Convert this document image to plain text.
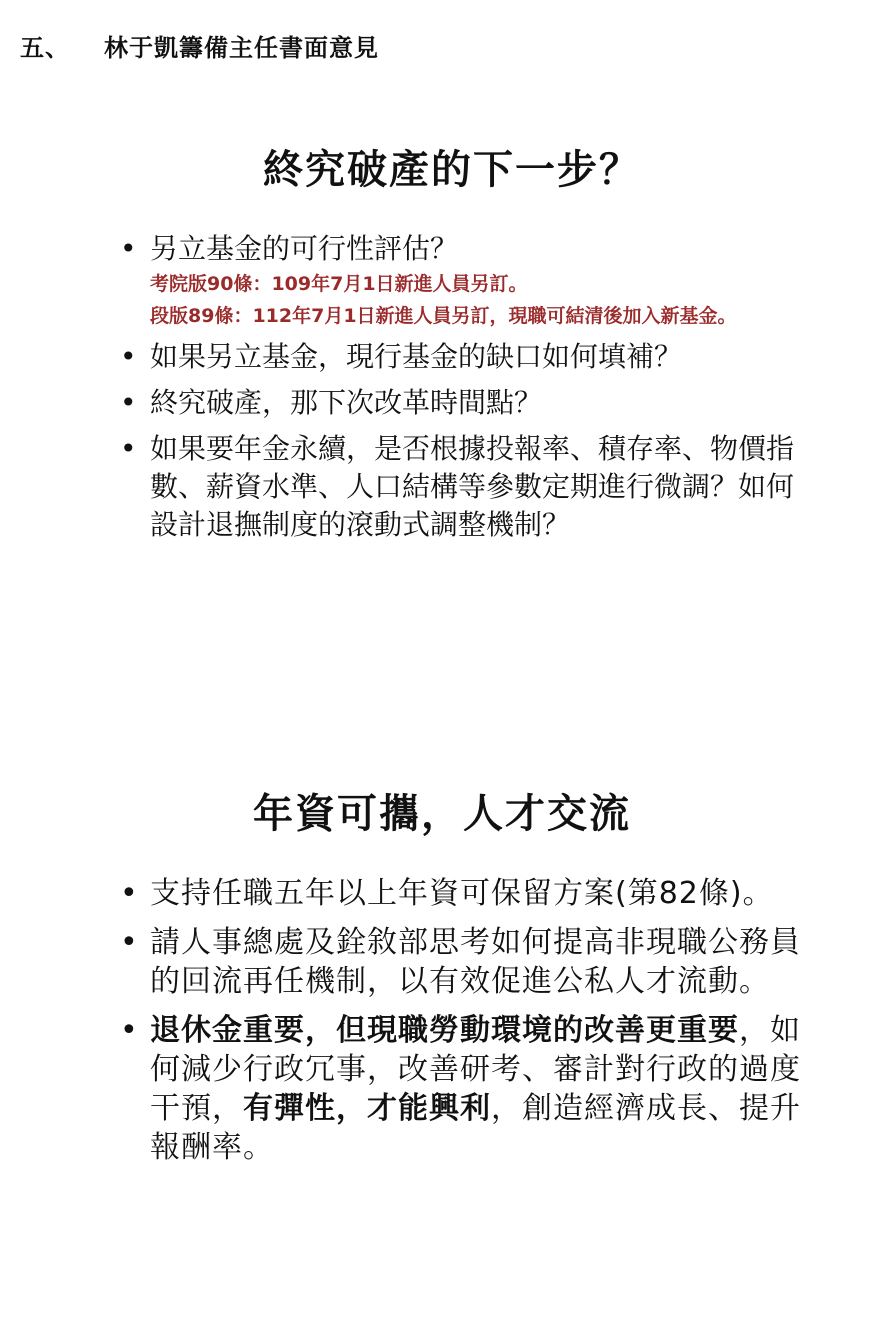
五、 林于凱籌備主任書面意見
終究破產的下一步？
• 另立基金的可行性評估？
考院版90條：109年7月1日新進人員另訂。
段版89條：112年7月1日新進人員另訂，現職可結清後加入新基金。
• 如果另立基金，現行基金的缺口如何填補？
• 終究破產，那下次改革時間點？
• 如果要年金永續，是否根據投報率、積存率、物價指數、薪資水準、人口結構等參數定期進行微調？如何設計退撫制度的滾動式調整機制？
年資可攜，人才交流
• 支持任職五年以上年資可保留方案(第82條)。
• 請人事總處及銓敘部思考如何提高非現職公務員的回流再任機制，以有效促進公私人才流動。
• 退休金重要，但現職勞動環境的改善更重要，如何減少行政冗事，改善研考、審計對行政的過度干預，有彈性，才能興利，創造經濟成長、提升報酬率。
